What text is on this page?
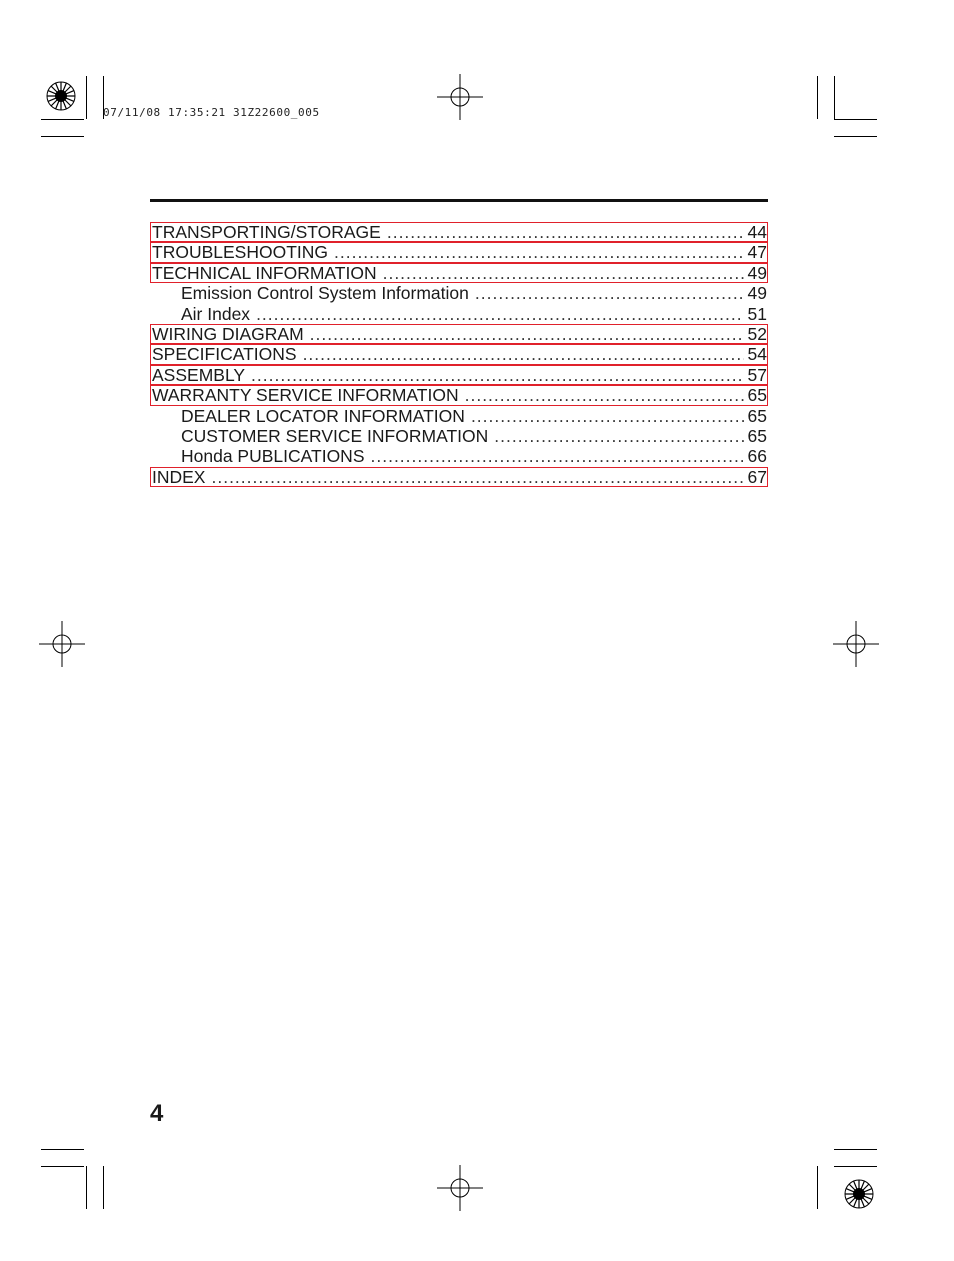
07/11/08 17:35:21 31Z22600_005
TRANSPORTING/STORAGE .....	44
TROUBLESHOOTING .....	47
TECHNICAL INFORMATION .....	49
Emission Control System Information .....	49
Air Index .....	51
WIRING DIAGRAM .....	52
SPECIFICATIONS .....	54
ASSEMBLY .....	57
WARRANTY SERVICE INFORMATION .....	65
DEALER LOCATOR INFORMATION .....	65
CUSTOMER SERVICE INFORMATION .....	65
Honda PUBLICATIONS .....	66
INDEX .....	67
4
